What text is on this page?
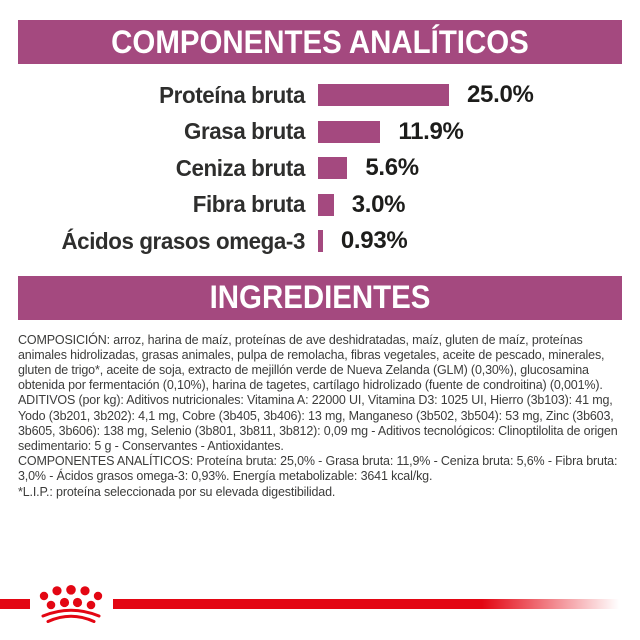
COMPONENTES ANALÍTICOS
Proteína bruta	25.0%
Grasa bruta	11.9%
Ceniza bruta	5.6%
Fibra bruta 3.0%
Ácidos grasos omega-3 0.93%
INGREDIENTES

COMPOSICIÓN: arroz, harina de maíz, proteínas de ave deshidratadas, maíz, gluten de maíz, proteínas animales hidrolizadas, grasas animales, pulpa de remolacha, fibras vegetales, aceite de pescado, minerales, gluten de trigo*, aceite de soja, extracto de mejillón verde de Nueva Zelanda (GLM) (0,30%), glucosamina obtenida por fermentación (0,10%), harina de tagetes, cartílago hidrolizado (fuente de condroitina) (0,001%).

ADITIVOS (por kg): Aditivos nutricionales: Vitamina A: 22000 UI, Vitamina D3: 1025 UI, Hierro (3b103): 41 mg, Yodo (3b201, 3b202): 4,1 mg, Cobre (3b405, 3b406): 13 mg, Manganeso (3b502, 3b504): 53 mg, Zinc (3b603, 3b605, 3b606): 138 mg, Selenio (3b801, 3b811, 3b812): 0,09 mg - Aditivos tecnológicos: Clinoptilolita de origen sedimentario: 5 g - Conservantes - Antioxidantes.

COMPONENTES ANALÍTICOS: Proteína bruta: 25,0% - Grasa bruta: 11,9% - Ceniza bruta: 5,6% - Fibra bruta: 3,0% - Ácidos grasos omega-3: 0,93%. Energía metabolizable: 3641 kcal/kg.

*L.I.P.: proteína seleccionada por su elevada digestibilidad.
